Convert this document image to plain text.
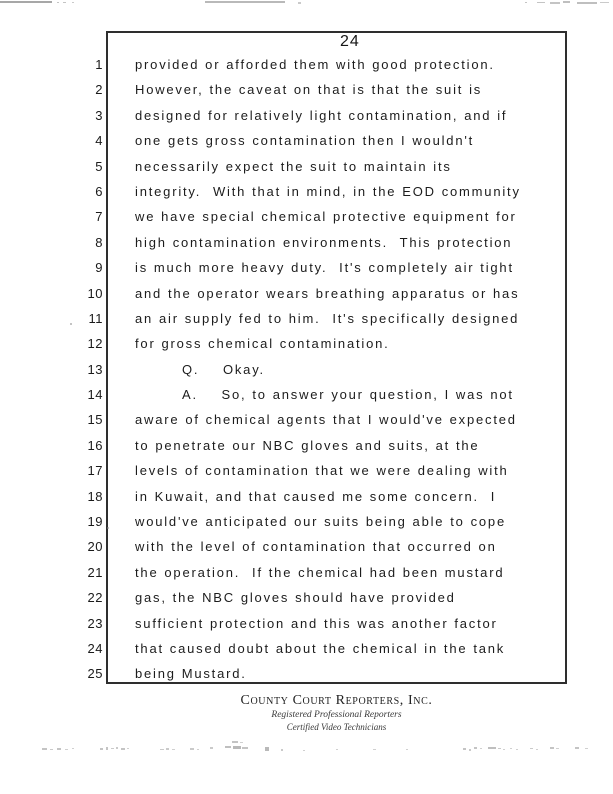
24
1 provided or afforded them with good protection.
2 However, the caveat on that is that the suit is
3 designed for relatively light contamination, and if
4 one gets gross contamination then I wouldn't
5 necessarily expect the suit to maintain its
6 integrity.  With that in mind, in the EOD community
7 we have special chemical protective equipment for
8 high contamination environments.  This protection
9 is much more heavy duty.  It's completely air tight
10 and the operator wears breathing apparatus or has
11 an air supply fed to him.  It's specifically designed
12 for gross chemical contamination.
13	Q.    Okay.
14	A.    So, to answer your question, I was not
15 aware of chemical agents that I would've expected
16 to penetrate our NBC gloves and suits, at the
17 levels of contamination that we were dealing with
18 in Kuwait, and that caused me some concern.  I
19 would've anticipated our suits being able to cope
20 with the level of contamination that occurred on
21 the operation.  If the chemical had been mustard
22 gas, the NBC gloves should have provided
23 sufficient protection and this was another factor
24 that caused doubt about the chemical in the tank
25 being Mustard.
County Court Reporters, Inc.
Registered Professional Reporters
Certified Video Technicians
